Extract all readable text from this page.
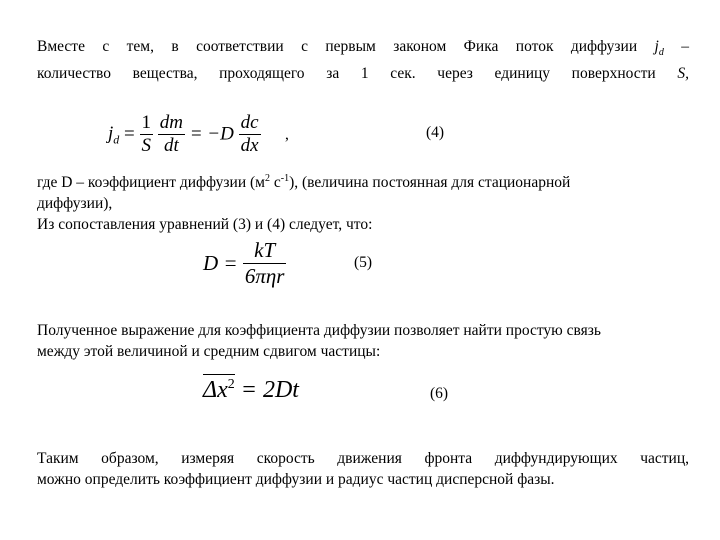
Вместе с тем, в соответствии с первым законом Фика поток диффузии $j_d$ –
количество вещества, проходящего за 1 сек. через единицу поверхности S,
$j_d = \frac{1}{S}$
$\frac{dm}{dt} = -D \frac{dc}{dx}$ ,	(4)
где D – коэффициент диффузии ($м^2$ $с^{-1}$), (величина постоянная для стационарной
диффузии),
Из сопоставления уравнений (3) и (4) следует, что:
$D = \frac{kT}{\text{6πηr}}$	(5)
Полученное выражение для коэффициента диффузии позволяет найти простую связь
между этой величиной и средним сдвигом частицы:
$\Delta x^2 = 2Dt$	(6)
Таким образом, измеряя скорость движения фронта диффундирующих частиц,
можно определить коэффициент диффузии и радиус частиц дисперсной фазы.
